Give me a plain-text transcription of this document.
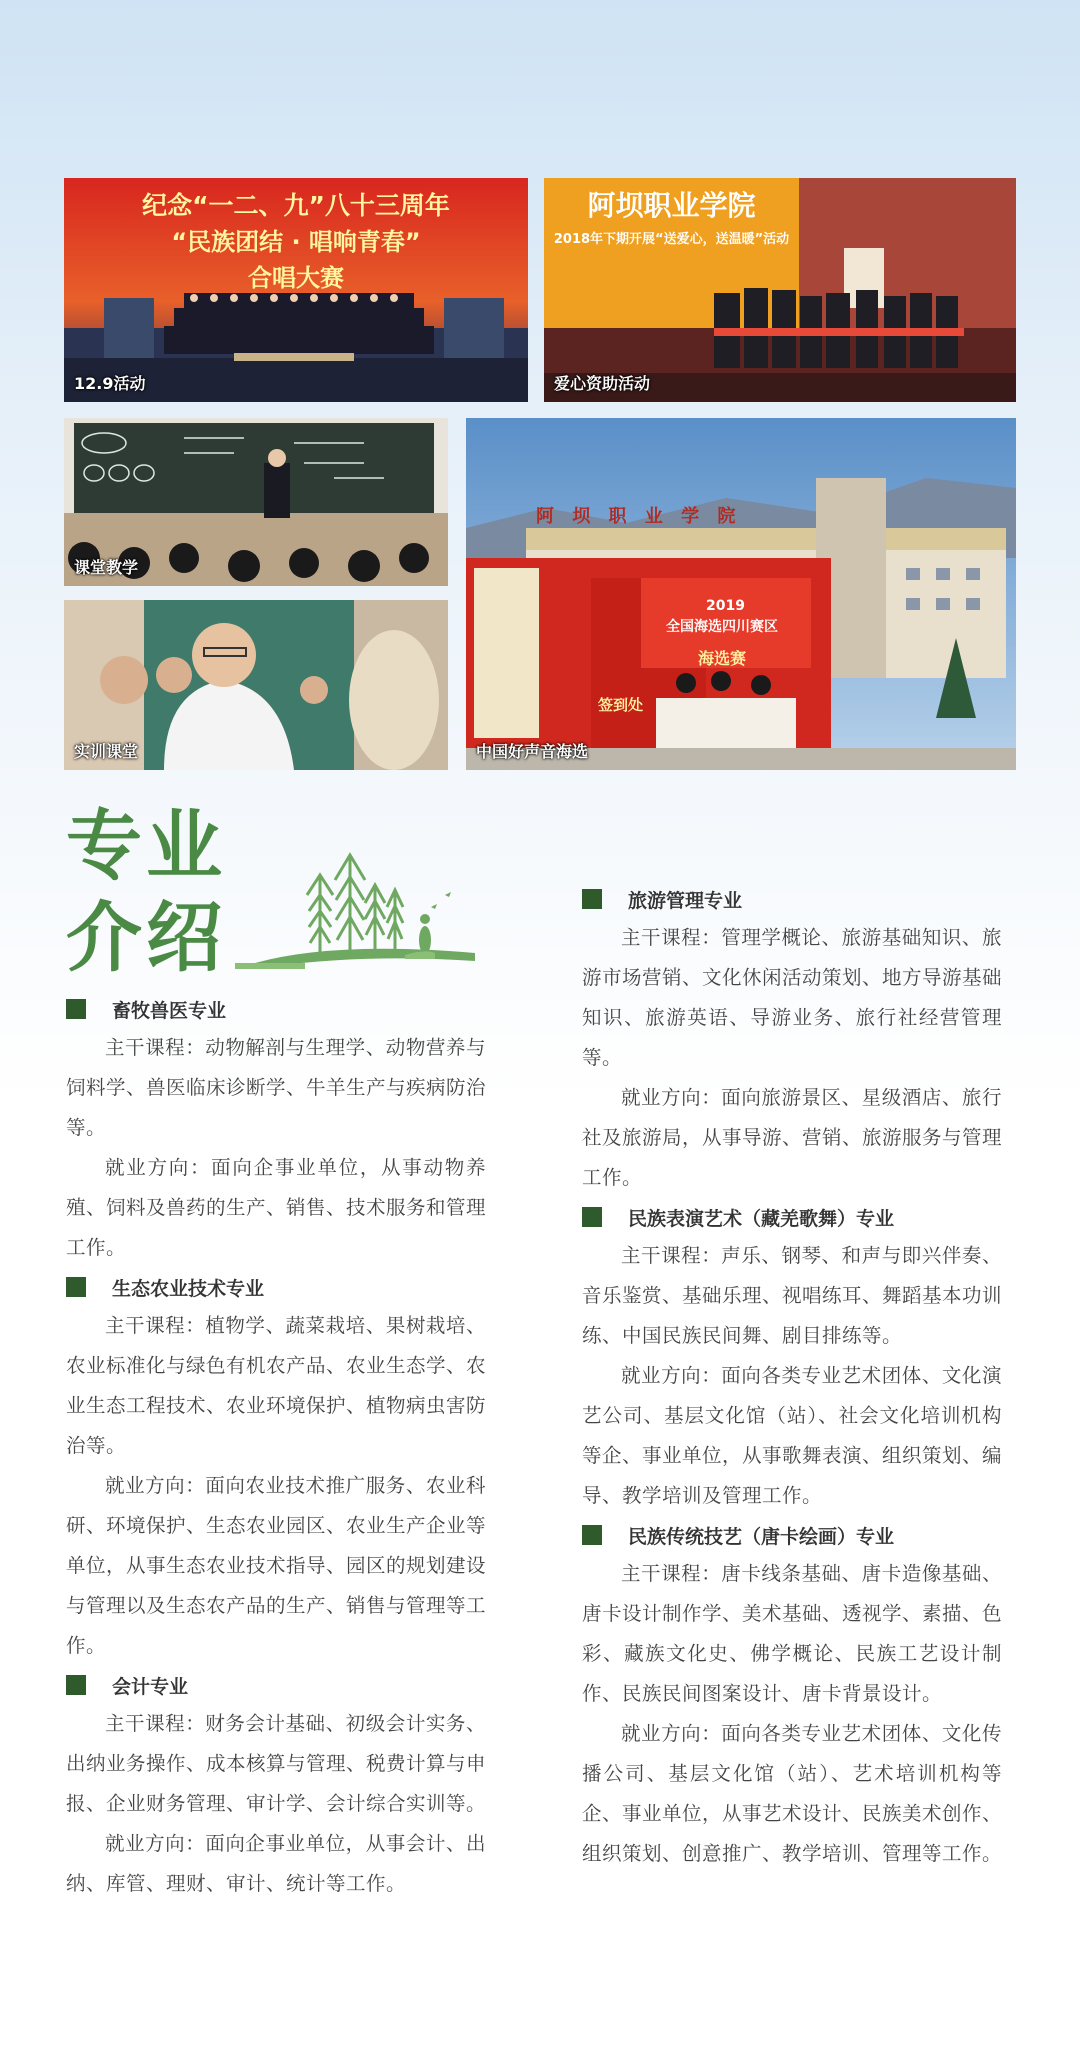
纪念“一二、九”八十三周年
“民族团结 · 唱响青春”
合唱大赛
12.9活动
阿坝职业学院
2018年下期开展“送爱心，送温暖”活动
爱心资助活动
课堂教学
实训课堂
阿 坝 职 业 学 院
2019
全国海选四川赛区
海选赛
签到处
中国好声音海选
专业
介绍
畜牧兽医专业

主干课程：动物解剖与生理学、动物营养与饲料学、兽医临床诊断学、牛羊生产与疾病防治等。

就业方向：面向企事业单位，从事动物养殖、饲料及兽药的生产、销售、技术服务和管理工作。

生态农业技术专业

主干课程：植物学、蔬菜栽培、果树栽培、农业标准化与绿色有机农产品、农业生态学、农业生态工程技术、农业环境保护、植物病虫害防治等。

就业方向：面向农业技术推广服务、农业科研、环境保护、生态农业园区、农业生产企业等单位，从事生态农业技术指导、园区的规划建设与管理以及生态农产品的生产、销售与管理等工作。

会计专业

主干课程：财务会计基础、初级会计实务、出纳业务操作、成本核算与管理、税费计算与申报、企业财务管理、审计学、会计综合实训等。

就业方向：面向企事业单位，从事会计、出纳、库管、理财、审计、统计等工作。

旅游管理专业

主干课程：管理学概论、旅游基础知识、旅游市场营销、文化休闲活动策划、地方导游基础知识、旅游英语、导游业务、旅行社经营管理等。

就业方向：面向旅游景区、星级酒店、旅行社及旅游局，从事导游、营销、旅游服务与管理工作。

民族表演艺术（藏羌歌舞）专业

主干课程：声乐、钢琴、和声与即兴伴奏、音乐鉴赏、基础乐理、视唱练耳、舞蹈基本功训练、中国民族民间舞、剧目排练等。

就业方向：面向各类专业艺术团体、文化演艺公司、基层文化馆（站）、社会文化培训机构等企、事业单位，从事歌舞表演、组织策划、编导、教学培训及管理工作。

民族传统技艺（唐卡绘画）专业

主干课程：唐卡线条基础、唐卡造像基础、唐卡设计制作学、美术基础、透视学、素描、色彩、藏族文化史、佛学概论、民族工艺设计制作、民族民间图案设计、唐卡背景设计。

就业方向：面向各类专业艺术团体、文化传播公司、基层文化馆（站）、艺术培训机构等企、事业单位，从事艺术设计、民族美术创作、组织策划、创意推广、教学培训、管理等工作。
